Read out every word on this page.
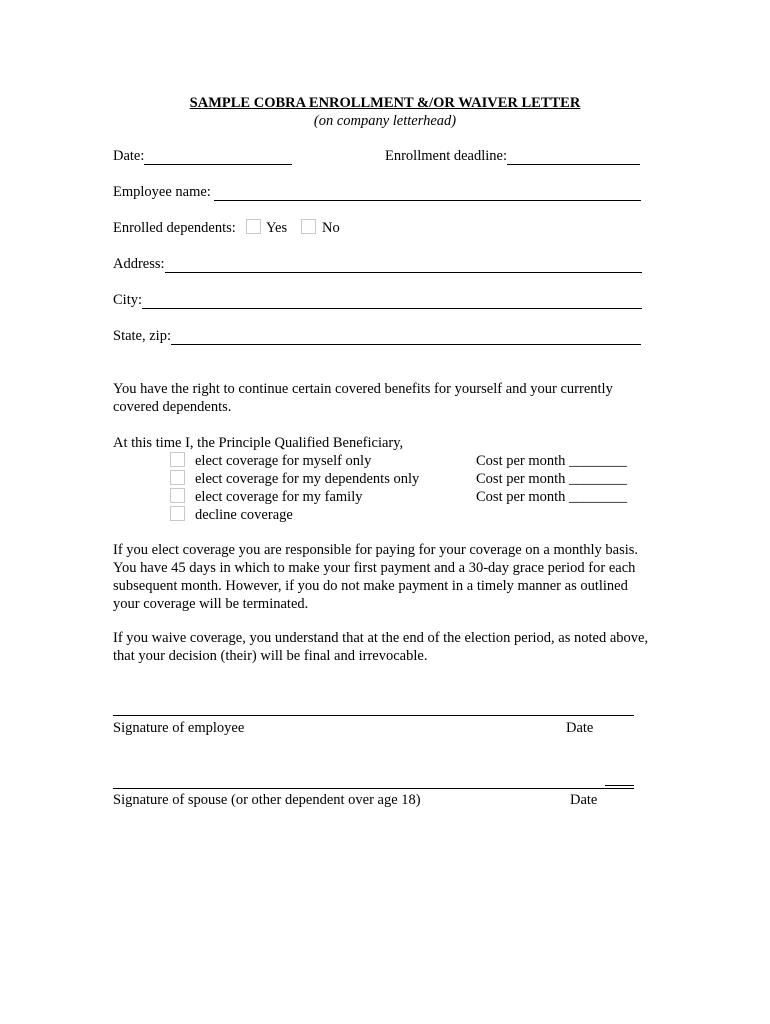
SAMPLE COBRA ENROLLMENT &/OR WAIVER LETTER
(on company letterhead)
Date:	Enrollment deadline:
Employee name:
Enrolled dependents: Yes No
Address:
City:
State, zip:
You have the right to continue certain covered benefits for yourself and your currently covered dependents.
At this time I, the Principle Qualified Beneficiary,
elect coverage for myself only	Cost per month ________
elect coverage for my dependents only	Cost per month ________
elect coverage for my family	Cost per month ________
decline coverage
If you elect coverage you are responsible for paying for your coverage on a monthly basis. You have 45 days in which to make your first payment and a 30-day grace period for each subsequent month. However, if you do not make payment in a timely manner as outlined your coverage will be terminated.
If you waive coverage, you understand that at the end of the election period, as noted above, that your decision (their) will be final and irrevocable.
Signature of employee	Date
Signature of spouse (or other dependent over age 18)	Date
